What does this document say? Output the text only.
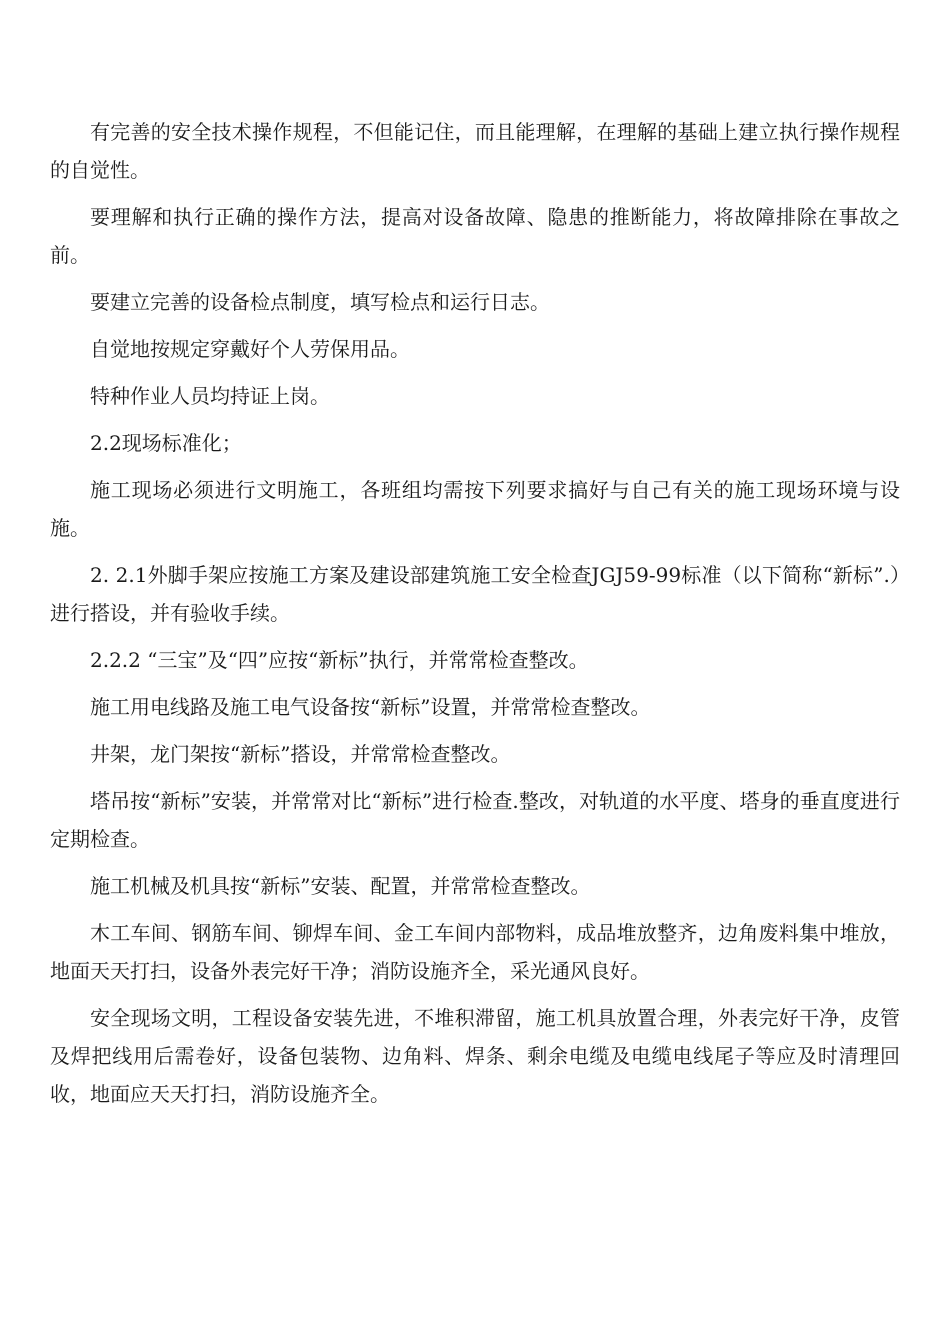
有完善的安全技术操作规程，不但能记住，而且能理解，在理解的基础上建立执行操作规程的自觉性。

要理解和执行正确的操作方法，提高对设备故障、隐患的推断能力，将故障排除在事故之前。

要建立完善的设备检点制度，填写检点和运行日志。

自觉地按规定穿戴好个人劳保用品。

特种作业人员均持证上岗。

2.2现场标准化；

施工现场必须进行文明施工，各班组均需按下列要求搞好与自己有关的施工现场环境与设施。

2. 2.1外脚手架应按施工方案及建设部建筑施工安全检查JGJ59-99标准（以下简称“新标”.）进行搭设，并有验收手续。

2.2.2 “三宝”及“四”应按“新标”执行，并常常检查整改。

施工用电线路及施工电气设备按“新标”设置，并常常检查整改。

井架，龙门架按“新标”搭设，并常常检查整改。

塔吊按“新标”安装，并常常对比“新标”进行检查.整改，对轨道的水平度、塔身的垂直度进行定期检查。

施工机械及机具按“新标”安装、配置，并常常检查整改。

木工车间、钢筋车间、铆焊车间、金工车间内部物料，成品堆放整齐，边角废料集中堆放，地面天天打扫，设备外表完好干净；消防设施齐全，采光通风良好。

安全现场文明，工程设备安装先进，不堆积滞留，施工机具放置合理，外表完好干净，皮管及焊把线用后需卷好，设备包装物、边角料、焊条、剩余电缆及电缆电线尾子等应及时清理回收，地面应天天打扫，消防设施齐全。
